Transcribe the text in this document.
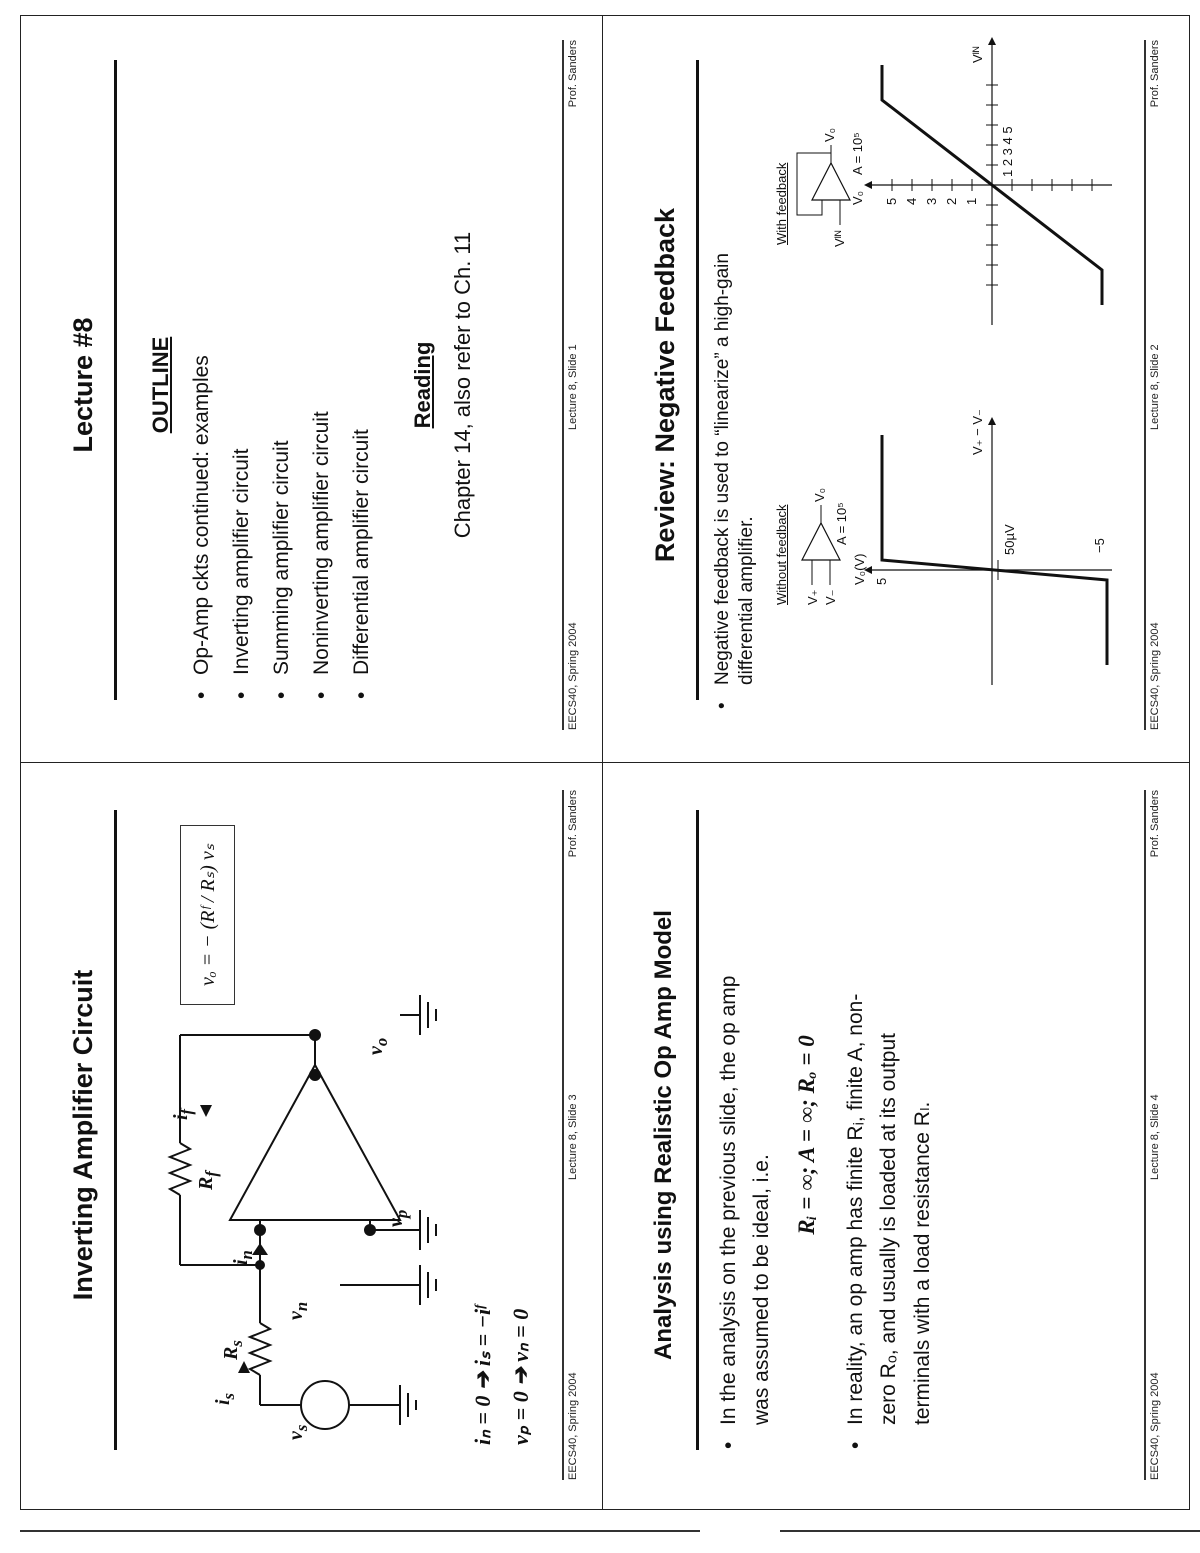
Lecture #8 OUTLINE • Op-Amp ckts continued: examples • Inverting amplifier circuit • Summing amplifier circuit • Noninverting amplifier circuit • Differential amplifier circuit
Reading Chapter 14, also refer to Ch. 11
EECS40, Spring 2004
Lecture 8, Slide 1
Prof. Sanders
Review: Negative Feedback • Negative feedback is used to “linearize” a high-gain differential amplifier. Without feedback
With feedback
V₊ V₋
V₀
A = 10⁵
Vᴵᴺ
V₀ A = 10⁵
V₀(V) 5
−5
50µV
V₊ − V₋
V₀
1 2 3 4 5
5 4 3 2 1
Vᴵᴺ
EECS40, Spring 2004
Lecture 8, Slide 2
Prof. Sanders
Inverting Amplifier Circuit
$v_s$
$i_s$
$R_s$
$R_f$
$i_n$
$i_f$
$v_n$
$v_p$
$v_o$
vₒ = − (Rᶠ / Rₛ) vₛ
iₙ = 0 ➔ iₛ = −iᶠ vₚ = 0 ➔ vₙ = 0	EECS40, Spring 2004
Lecture 8, Slide 3
Prof. Sanders
Analysis using Realistic Op Amp Model • In the analysis on the previous slide, the op amp was assumed to be ideal, i.e.
Rᵢ = ∞; A = ∞; Rₒ = 0 • In reality, an op amp has finite Rᵢ, finite A, non- zero Rₒ, and usually is loaded at its output terminals with a load resistance Rₗ.
EECS40, Spring 2004
Lecture 8, Slide 4
Prof. Sanders
